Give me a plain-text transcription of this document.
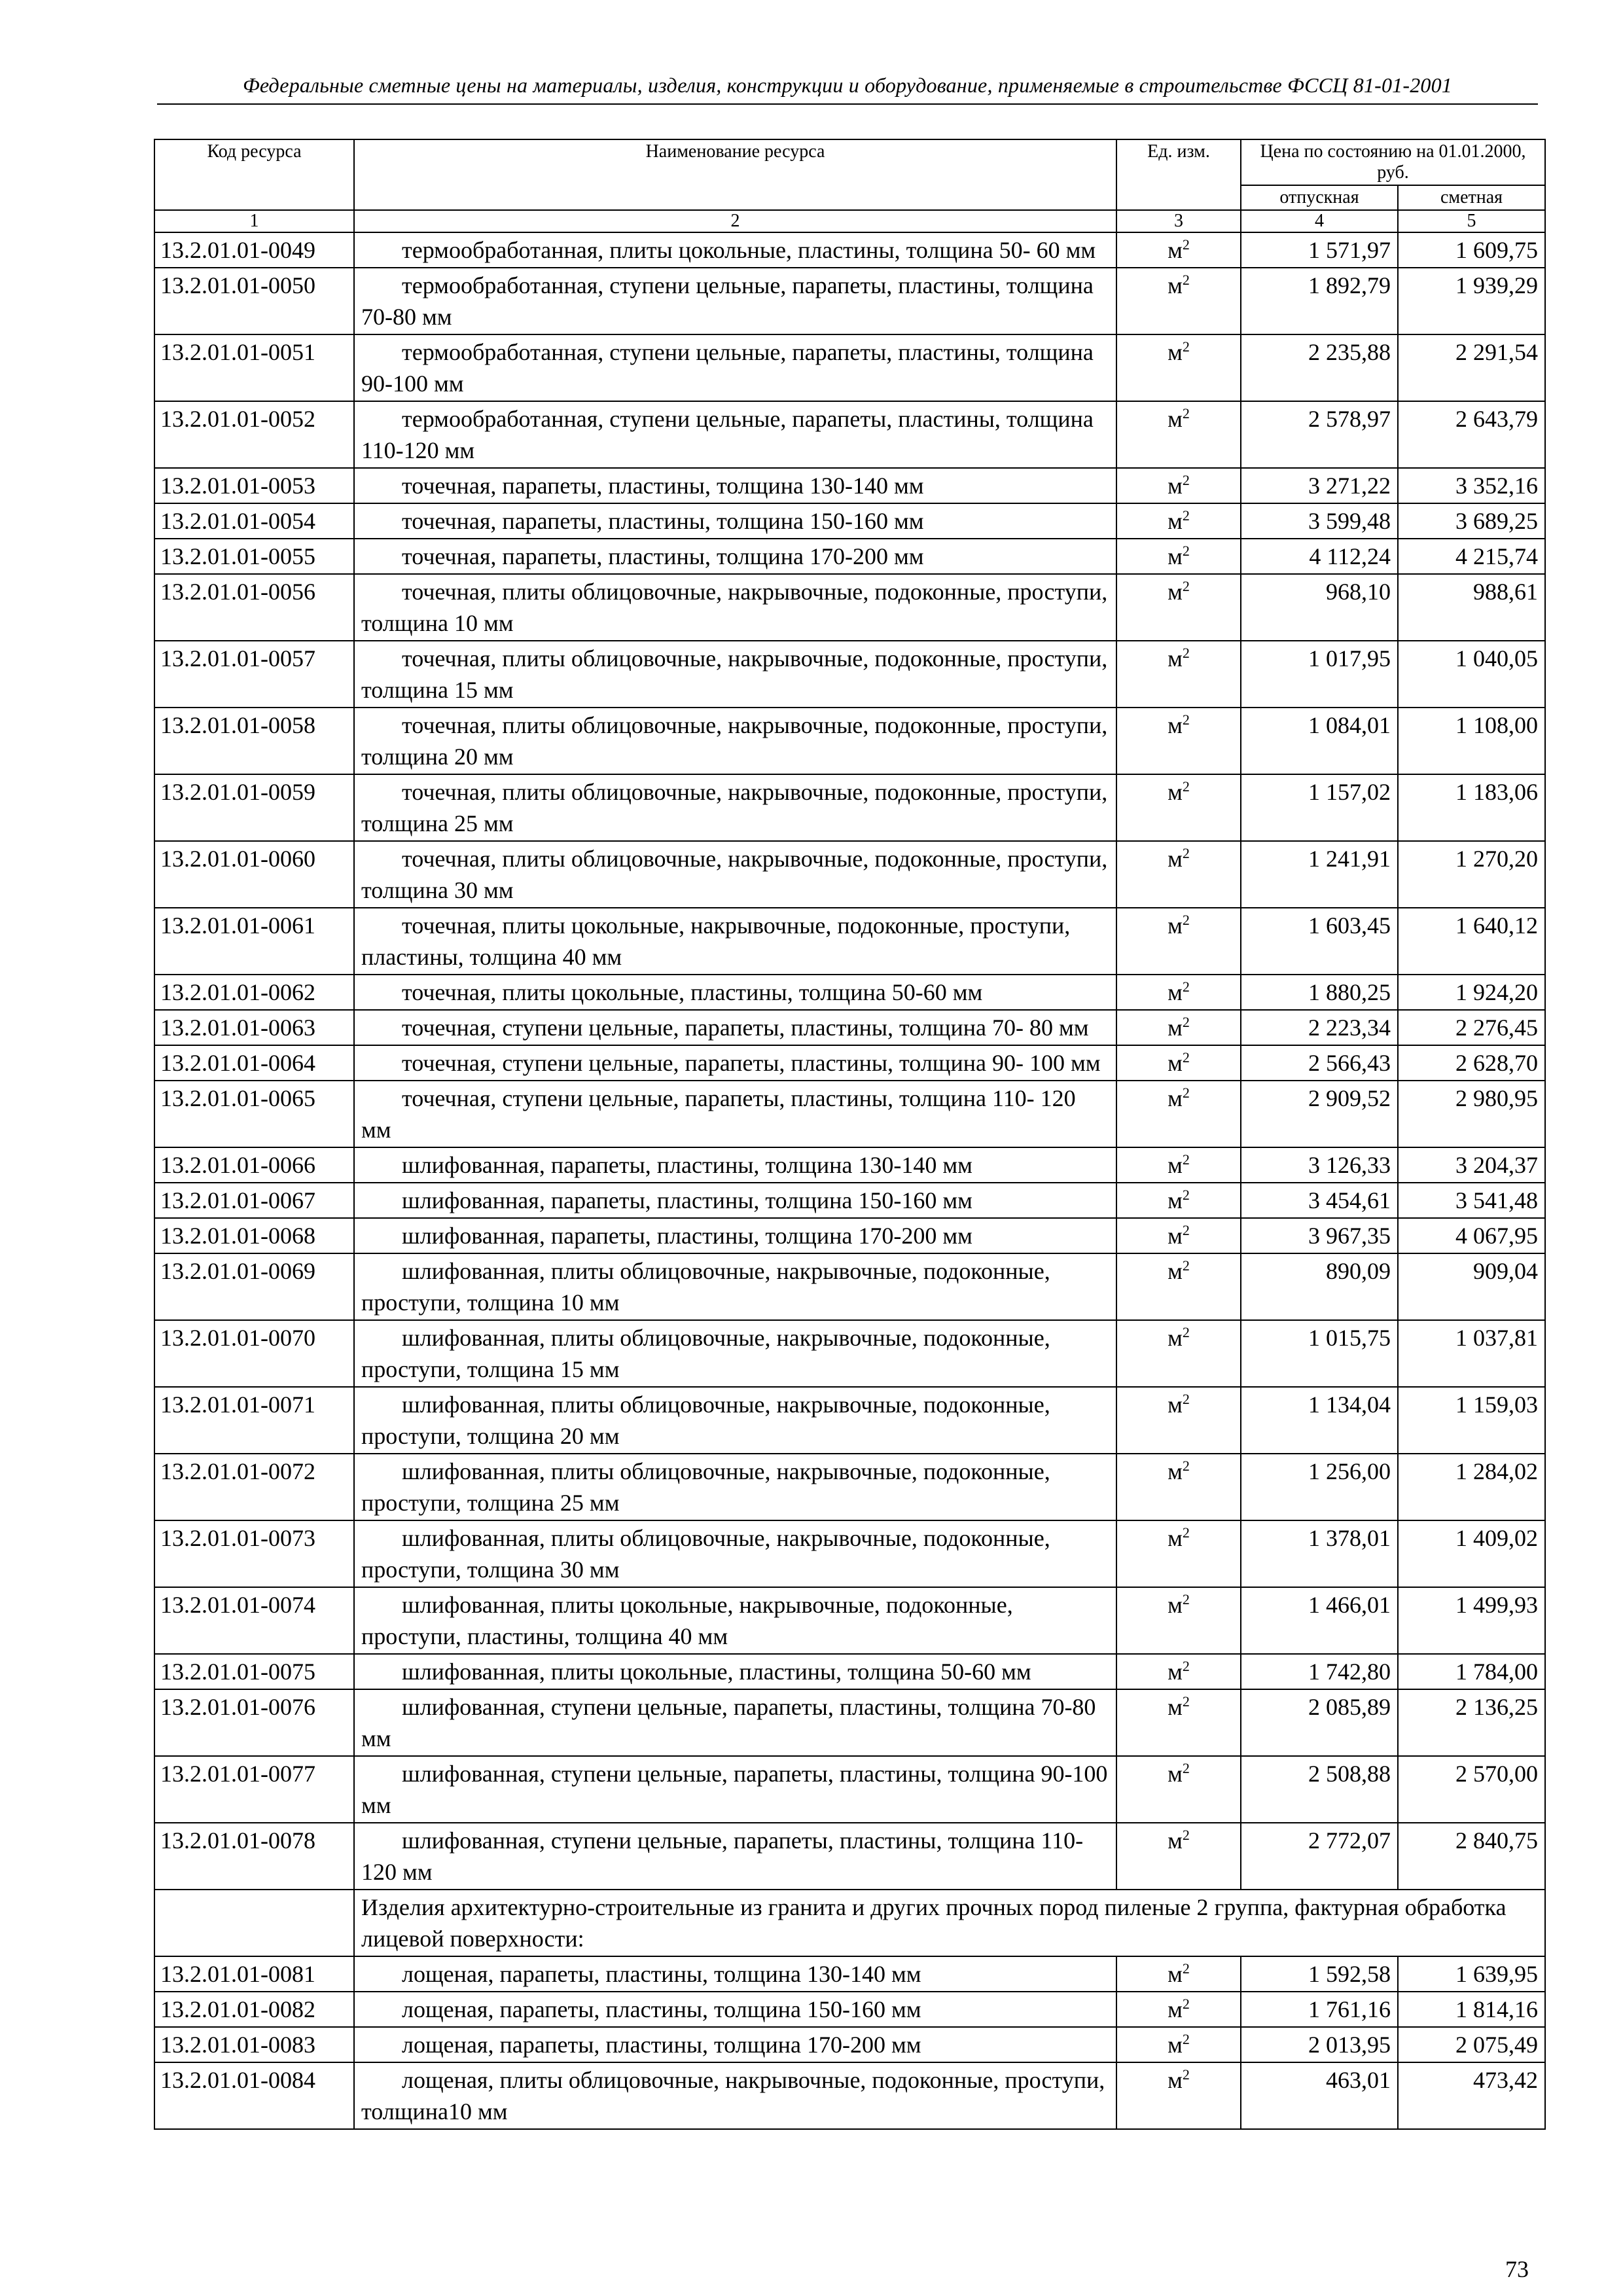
Федеральные сметные цены на материалы, изделия, конструкции и оборудование, применяемые в строительстве ФССЦ 81-01-2001
Код ресурса	Наименование ресурса	Ед. изм.	Цена по состоянию на 01.01.2000, руб.	
			отпускная	сметная
1	2	3	4	5
13.2.01.01-0049	термообработанная, плиты цокольные, пластины, толщина 50- 60 мм	$м^2$	1 571,97	1 609,75
13.2.01.01-0050	термообработанная, ступени цельные, парапеты, пластины, толщина 70-80 мм	$м^2$	1 892,79	1 939,29
13.2.01.01-0051	термообработанная, ступени цельные, парапеты, пластины, толщина 90-100 мм	$м^2$	2 235,88	2 291,54
13.2.01.01-0052	термообработанная, ступени цельные, парапеты, пластины, толщина 110-120 мм	$м^2$	2 578,97	2 643,79
13.2.01.01-0053	точечная, парапеты, пластины, толщина 130-140 мм	$м^2$	3 271,22	3 352,16
13.2.01.01-0054	точечная, парапеты, пластины, толщина 150-160 мм	$м^2$	3 599,48	3 689,25
13.2.01.01-0055	точечная, парапеты, пластины, толщина 170-200 мм	$м^2$	4 112,24	4 215,74
13.2.01.01-0056	точечная, плиты облицовочные, накрывочные, подоконные, проступи, толщина 10 мм	$м^2$	968,10	988,61
13.2.01.01-0057	точечная, плиты облицовочные, накрывочные, подоконные, проступи, толщина 15 мм	$м^2$	1 017,95	1 040,05
13.2.01.01-0058	точечная, плиты облицовочные, накрывочные, подоконные, проступи, толщина 20 мм	$м^2$	1 084,01	1 108,00
13.2.01.01-0059	точечная, плиты облицовочные, накрывочные, подоконные, проступи, толщина 25 мм	$м^2$	1 157,02	1 183,06
13.2.01.01-0060	точечная, плиты облицовочные, накрывочные, подоконные, проступи, толщина 30 мм	$м^2$	1 241,91	1 270,20
13.2.01.01-0061	точечная, плиты цокольные, накрывочные, подоконные, проступи, пластины, толщина 40 мм	$м^2$	1 603,45	1 640,12
13.2.01.01-0062	точечная, плиты цокольные, пластины, толщина 50-60 мм	$м^2$	1 880,25	1 924,20
13.2.01.01-0063	точечная, ступени цельные, парапеты, пластины, толщина 70- 80 мм	$м^2$	2 223,34	2 276,45
13.2.01.01-0064	точечная, ступени цельные, парапеты, пластины, толщина 90- 100 мм	$м^2$	2 566,43	2 628,70
13.2.01.01-0065	точечная, ступени цельные, парапеты, пластины, толщина 110- 120 мм	$м^2$	2 909,52	2 980,95
13.2.01.01-0066	шлифованная, парапеты, пластины, толщина 130-140 мм	$м^2$	3 126,33	3 204,37
13.2.01.01-0067	шлифованная, парапеты, пластины, толщина 150-160 мм	$м^2$	3 454,61	3 541,48
13.2.01.01-0068	шлифованная, парапеты, пластины, толщина 170-200 мм	$м^2$	3 967,35	4 067,95
13.2.01.01-0069	шлифованная, плиты облицовочные, накрывочные, подоконные, проступи, толщина 10 мм	$м^2$	890,09	909,04
13.2.01.01-0070	шлифованная, плиты облицовочные, накрывочные, подоконные, проступи, толщина 15 мм	$м^2$	1 015,75	1 037,81
13.2.01.01-0071	шлифованная, плиты облицовочные, накрывочные, подоконные, проступи, толщина 20 мм	$м^2$	1 134,04	1 159,03
13.2.01.01-0072	шлифованная, плиты облицовочные, накрывочные, подоконные, проступи, толщина 25 мм	$м^2$	1 256,00	1 284,02
13.2.01.01-0073	шлифованная, плиты облицовочные, накрывочные, подоконные, проступи, толщина 30 мм	$м^2$	1 378,01	1 409,02
13.2.01.01-0074	шлифованная, плиты цокольные, накрывочные, подоконные, проступи, пластины, толщина 40 мм	$м^2$	1 466,01	1 499,93
13.2.01.01-0075	шлифованная, плиты цокольные, пластины, толщина 50-60 мм	$м^2$	1 742,80	1 784,00
13.2.01.01-0076	шлифованная, ступени цельные, парапеты, пластины, толщина 70-80 мм	$м^2$	2 085,89	2 136,25
13.2.01.01-0077	шлифованная, ступени цельные, парапеты, пластины, толщина 90-100 мм	$м^2$	2 508,88	2 570,00
13.2.01.01-0078	шлифованная, ступени цельные, парапеты, пластины, толщина 110-120 мм	$м^2$	2 772,07	2 840,75
	Изделия архитектурно-строительные из гранита и других прочных пород пиленые 2 группа, фактурная обработка лицевой поверхности:			
13.2.01.01-0081	лощеная, парапеты, пластины, толщина 130-140 мм	$м^2$	1 592,58	1 639,95
13.2.01.01-0082	лощеная, парапеты, пластины, толщина 150-160 мм	$м^2$	1 761,16	1 814,16
13.2.01.01-0083	лощеная, парапеты, пластины, толщина 170-200 мм	$м^2$	2 013,95	2 075,49
13.2.01.01-0084	лощеная, плиты облицовочные, накрывочные, подоконные, проступи, толщина10 мм	$м^2$	463,01	473,42
73
